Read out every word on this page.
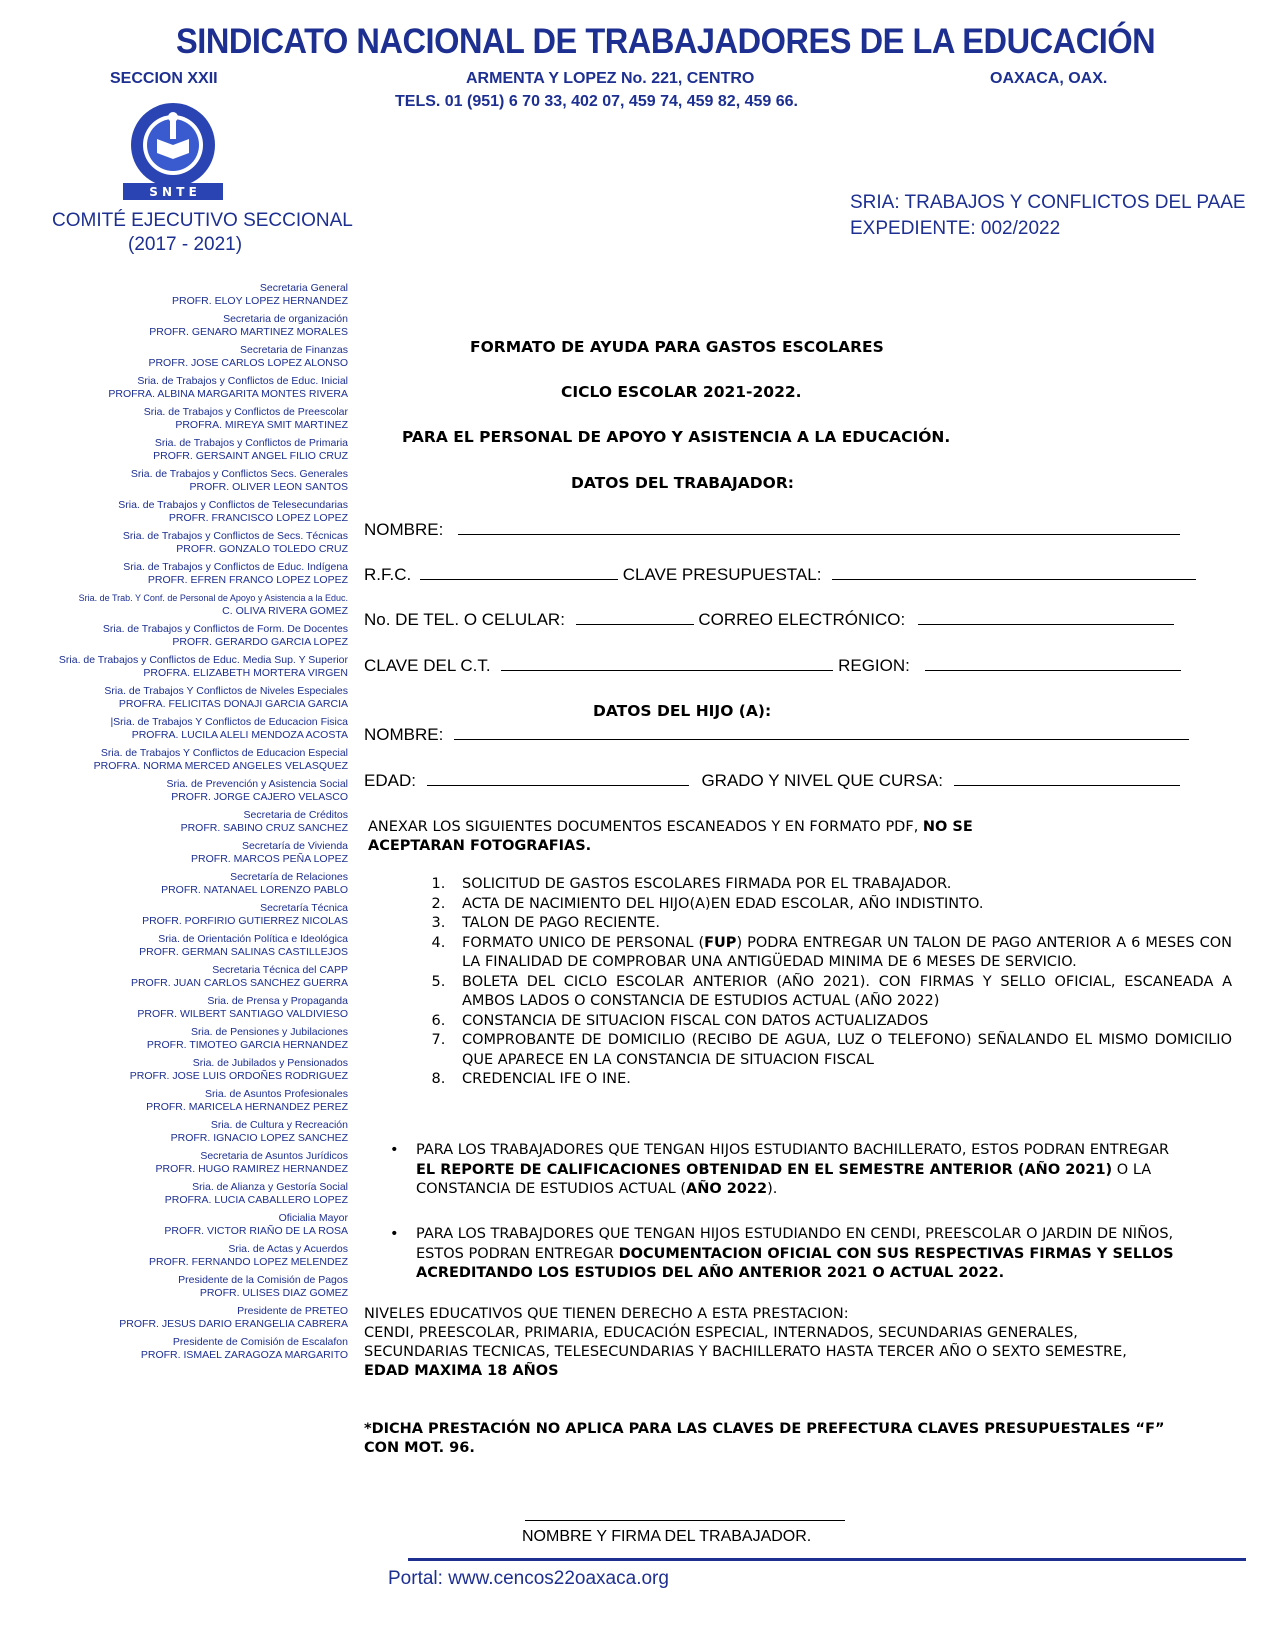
SINDICATO NACIONAL DE TRABAJADORES DE LA EDUCACIÓN
SECCION XXII	ARMENTA Y LOPEZ No. 221, CENTRO	OAXACA, OAX.
TELS. 01 (951) 6 70 33, 402 07, 459 74, 459 82, 459 66.
S N T E
COMITÉ EJECUTIVO SECCIONAL
(2017 - 2021)
SRIA: TRABAJOS Y CONFLICTOS DEL PAAE
EXPEDIENTE: 002/2022
Secretaria General
PROFR. ELOY LOPEZ HERNANDEZ
Secretaria de organización
PROFR. GENARO MARTINEZ MORALES
Secretaria de Finanzas
PROFR. JOSE CARLOS LOPEZ ALONSO
Sria. de Trabajos y Conflictos de Educ. Inicial
PROFRA. ALBINA MARGARITA MONTES RIVERA
Sria. de Trabajos y Conflictos de Preescolar
PROFRA. MIREYA SMIT MARTINEZ
Sria. de Trabajos y Conflictos de Primaria
PROFR. GERSAINT ANGEL FILIO CRUZ
Sria. de Trabajos y Conflictos Secs. Generales
PROFR. OLIVER LEON SANTOS
Sria. de Trabajos y Conflictos de Telesecundarias
PROFR. FRANCISCO LOPEZ LOPEZ
Sria. de Trabajos y Conflictos de Secs. Técnicas
PROFR. GONZALO TOLEDO CRUZ
Sria. de Trabajos y Conflictos de Educ. Indígena
PROFR. EFREN FRANCO LOPEZ LOPEZ
Sria. de Trab. Y Conf. de Personal de Apoyo y Asistencia a la Educ.
C. OLIVA RIVERA GOMEZ
Sria. de Trabajos y Conflictos de Form. De Docentes
PROFR. GERARDO GARCIA LOPEZ
Sria. de Trabajos y Conflictos de Educ. Media Sup. Y Superior
PROFRA. ELIZABETH MORTERA VIRGEN
Sria. de Trabajos Y Conflictos de Niveles Especiales
PROFRA. FELICITAS DONAJI GARCIA GARCIA
|Sria. de Trabajos Y Conflictos de Educacion Fisica
PROFRA. LUCILA ALELI MENDOZA ACOSTA
Sria. de Trabajos Y Conflictos de Educacion Especial
PROFRA. NORMA MERCED ANGELES VELASQUEZ
Sria. de Prevención y Asistencia Social
PROFR. JORGE CAJERO VELASCO
Secretaria de Créditos
PROFR. SABINO CRUZ SANCHEZ
Secretaría de Vivienda
PROFR. MARCOS PEÑA LOPEZ
Secretaría de Relaciones
PROFR. NATANAEL LORENZO PABLO
Secretaría Técnica
PROFR. PORFIRIO GUTIERREZ NICOLAS
Sria. de Orientación Política e Ideológica
PROFR. GERMAN SALINAS CASTILLEJOS
Secretaria Técnica del CAPP
PROFR. JUAN CARLOS SANCHEZ GUERRA
Sria. de Prensa y Propaganda
PROFR. WILBERT SANTIAGO VALDIVIESO
Sria. de Pensiones y Jubilaciones
PROFR. TIMOTEO GARCIA HERNANDEZ
Sria. de Jubilados y Pensionados
PROFR. JOSE LUIS ORDOÑES RODRIGUEZ
Sria. de Asuntos Profesionales
PROFR. MARICELA HERNANDEZ PEREZ
Sria. de Cultura y Recreación
PROFR. IGNACIO LOPEZ SANCHEZ
Secretaria de Asuntos Jurídicos
PROFR. HUGO RAMIREZ HERNANDEZ
Sria. de Alianza y Gestoría Social
PROFRA. LUCIA CABALLERO LOPEZ
Oficialia Mayor
PROFR. VICTOR RIAÑO DE LA ROSA
Sria. de Actas y Acuerdos
PROFR. FERNANDO LOPEZ MELENDEZ
Presidente de la Comisión de Pagos
PROFR. ULISES DIAZ GOMEZ
Presidente de PRETEO
PROFR. JESUS DARIO ERANGELIA CABRERA
Presidente de Comisión de Escalafon
PROFR. ISMAEL ZARAGOZA MARGARITO
FORMATO DE AYUDA PARA GASTOS ESCOLARES
CICLO ESCOLAR 2021-2022.
PARA EL PERSONAL DE APOYO Y ASISTENCIA A LA EDUCACIÓN.
DATOS DEL TRABAJADOR:
NOMBRE:
R.F.C.	CLAVE PRESUPUESTAL:
No. DE TEL. O CELULAR:	CORREO ELECTRÓNICO:
CLAVE DEL C.T.	REGION:
DATOS DEL HIJO (A):
NOMBRE:
EDAD:	GRADO Y NIVEL QUE CURSA:
ANEXAR LOS SIGUIENTES DOCUMENTOS ESCANEADOS Y EN FORMATO PDF, NO SE ACEPTARAN FOTOGRAFIAS.
1. SOLICITUD DE GASTOS ESCOLARES FIRMADA POR EL TRABAJADOR.
2. ACTA DE NACIMIENTO DEL HIJO(A)EN EDAD ESCOLAR, AÑO INDISTINTO.
3. TALON DE PAGO RECIENTE.
4. FORMATO UNICO DE PERSONAL (FUP) PODRA ENTREGAR UN TALON DE PAGO ANTERIOR A 6 MESES CON LA FINALIDAD DE COMPROBAR UNA ANTIGÜEDAD MINIMA DE 6 MESES DE SERVICIO.
5. BOLETA DEL CICLO ESCOLAR ANTERIOR (AÑO 2021). CON FIRMAS Y SELLO OFICIAL, ESCANEADA A AMBOS LADOS O CONSTANCIA DE ESTUDIOS ACTUAL (AÑO 2022)
6. CONSTANCIA DE SITUACION FISCAL CON DATOS ACTUALIZADOS
7. COMPROBANTE DE DOMICILIO (RECIBO DE AGUA, LUZ O TELEFONO) SEÑALANDO EL MISMO DOMICILIO QUE APARECE EN LA CONSTANCIA DE SITUACION FISCAL
8. CREDENCIAL IFE O INE.
•	PARA LOS TRABAJADORES QUE TENGAN HIJOS ESTUDIANTO BACHILLERATO, ESTOS PODRAN ENTREGAR EL REPORTE DE CALIFICACIONES OBTENIDAD EN EL SEMESTRE ANTERIOR (AÑO 2021) O LA CONSTANCIA DE ESTUDIOS ACTUAL (AÑO 2022).
•	PARA LOS TRABAJDORES QUE TENGAN HIJOS ESTUDIANDO EN CENDI, PREESCOLAR O JARDIN DE NIÑOS, ESTOS PODRAN ENTREGAR DOCUMENTACION OFICIAL CON SUS RESPECTIVAS FIRMAS Y SELLOS ACREDITANDO LOS ESTUDIOS DEL AÑO ANTERIOR 2021 O ACTUAL 2022.
NIVELES EDUCATIVOS QUE TIENEN DERECHO A ESTA PRESTACION:
CENDI, PREESCOLAR, PRIMARIA, EDUCACIÓN ESPECIAL, INTERNADOS, SECUNDARIAS GENERALES, SECUNDARIAS TECNICAS, TELESECUNDARIAS Y BACHILLERATO HASTA TERCER AÑO O SEXTO SEMESTRE,
EDAD MAXIMA 18 AÑOS
*DICHA PRESTACIÓN NO APLICA PARA LAS CLAVES DE PREFECTURA CLAVES PRESUPUESTALES “F” CON MOT. 96.
NOMBRE Y FIRMA DEL TRABAJADOR.
Portal: www.cencos22oaxaca.org
